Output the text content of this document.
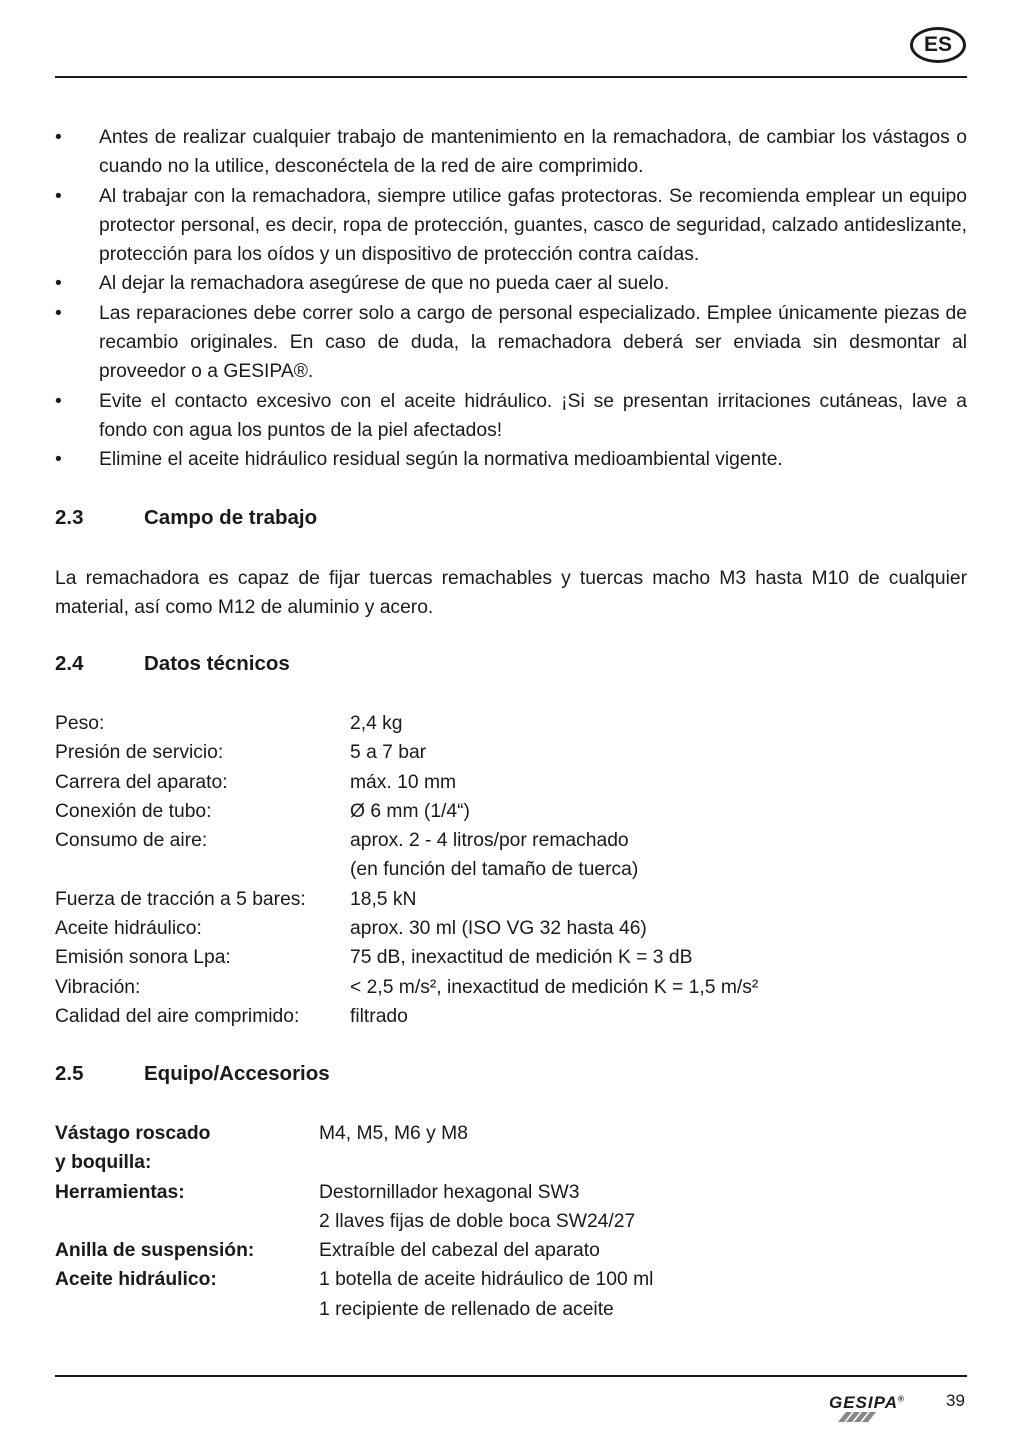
ES
• Antes de realizar cualquier trabajo de mantenimiento en la remachadora, de cambiar los vástagos o cuando no la utilice, desconéctela de la red de aire comprimido.
• Al trabajar con la remachadora, siempre utilice gafas protectoras. Se recomienda emplear un equipo protector personal, es decir, ropa de protección, guantes, casco de seguridad, calzado antideslizante, protección para los oídos y un dispositivo de protección contra caídas.
• Al dejar la remachadora asegúrese de que no pueda caer al suelo.
• Las reparaciones debe correr solo a cargo de personal especializado. Emplee únicamente piezas de recambio originales. En caso de duda, la remachadora deberá ser enviada sin desmontar al proveedor o a GESIPA®.
• Evite el contacto excesivo con el aceite hidráulico. ¡Si se presentan irritaciones cutáneas, lave a fondo con agua los puntos de la piel afectados!
• Elimine el aceite hidráulico residual según la normativa medioambiental vigente.
2.3	Campo de trabajo
La remachadora es capaz de fijar tuercas remachables y tuercas macho M3 hasta M10 de cualquier material, así como M12 de aluminio y acero.
2.4	Datos técnicos
Peso:	2,4 kg
Presión de servicio:	5 a 7 bar
Carrera del aparato:	máx. 10 mm
Conexión de tubo:	Ø 6 mm (1/4“)
Consumo de aire:	aprox. 2 - 4 litros/por remachado
(en función del tamaño de tuerca)
Fuerza de tracción a 5 bares:	18,5 kN
Aceite hidráulico:	aprox. 30 ml (ISO VG 32 hasta 46)
Emisión sonora Lpa:	75 dB, inexactitud de medición K = 3 dB
Vibración:	< 2,5 m/s², inexactitud de medición K = 1,5 m/s²
Calidad del aire comprimido:	filtrado
2.5	Equipo/Accesorios
Vástago roscado	M4, M5, M6 y M8
y boquilla:
Herramientas:	Destornillador hexagonal SW3
2 llaves fijas de doble boca SW24/27
Anilla de suspensión:	Extraíble del cabezal del aparato
Aceite hidráulico:	1 botella de aceite hidráulico de 100 ml
1 recipiente de rellenado de aceite
GESIPA® 39
